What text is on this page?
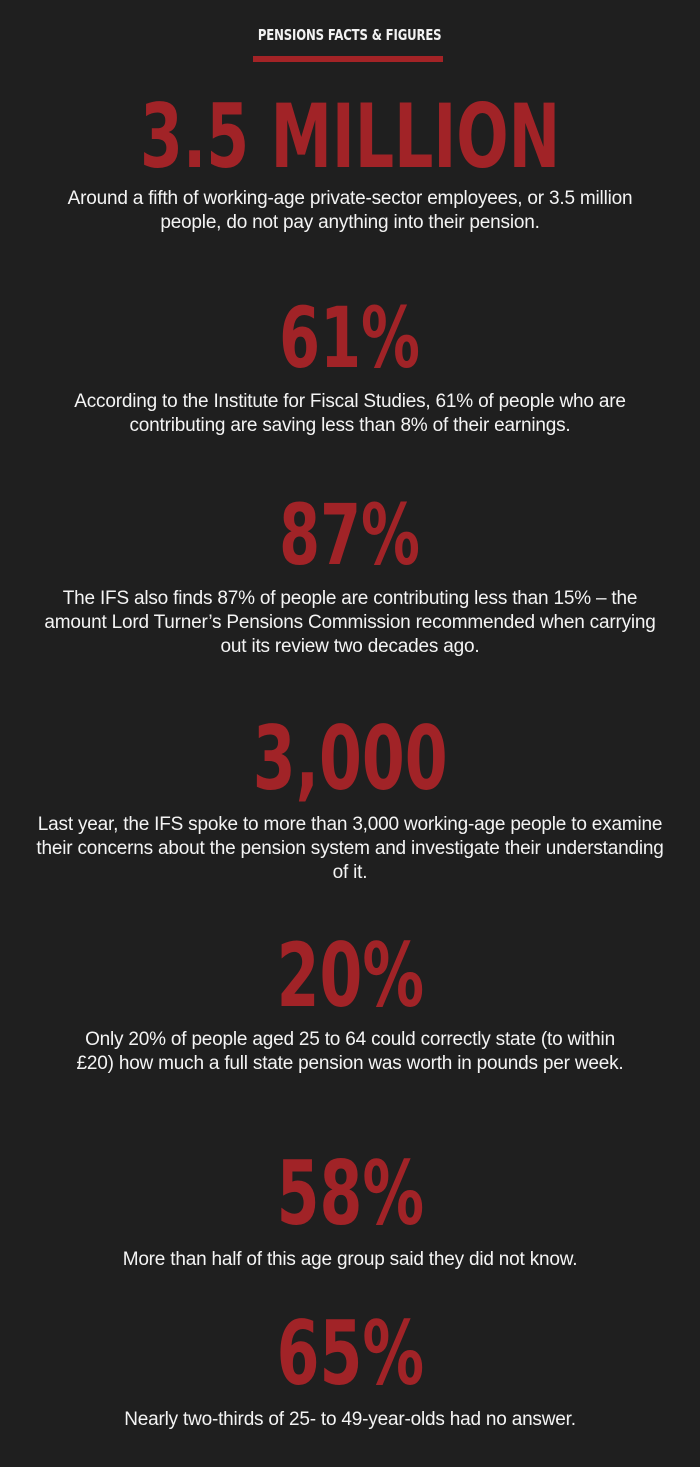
PENSIONS FACTS & FIGURES
3.5 MILLION
Around a fifth of working-age private-sector employees, or 3.5 million people, do not pay anything into their pension.
61%
According to the Institute for Fiscal Studies, 61% of people who are contributing are saving less than 8% of their earnings.
87%
The IFS also finds 87% of people are contributing less than 15% – the amount Lord Turner’s Pensions Commission recommended when carrying out its review two decades ago.
3,000
Last year, the IFS spoke to more than 3,000 working-age people to examine their concerns about the pension system and investigate their understanding of it.
20%
Only 20% of people aged 25 to 64 could correctly state (to within £20) how much a full state pension was worth in pounds per week.
58%
More than half of this age group said they did not know.
65%
Nearly two-thirds of 25- to 49-year-olds had no answer.
